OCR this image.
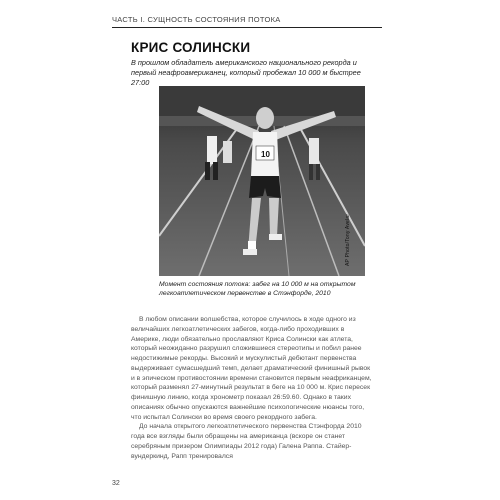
ЧАСТЬ I. СУЩНОСТЬ СОСТОЯНИЯ ПОТОКА
КРИС СОЛИНСКИ
В прошлом обладатель американского национального рекорда и первый неафроамериканец, который пробежал 10 000 м быстрее 27:00
10
AP Photo/Tony Avelar
Момент состояния потока: забег на 10 000 м на открытом легкоатлетическом первенстве в Стэнфорде, 2010

В любом описании волшебства, которое случилось в ходе одного из величайших легкоатлетических забегов, когда-либо проходивших в Америке, люди обязательно прославляют Криса Солински как атлета, который неожиданно разрушил сложившиеся стереотипы и побил ранее недостижимые рекорды. Высокий и мускулистый дебютант первенства выдерживает сумасшедший темп, делает драматический финишный рывок и в эпическом противостоянии времени становится первым неафриканцем, который разменял 27-минутный результат в беге на 10 000 м. Крис пересек финишную линию, когда хронометр показал 26:59.60. Однако в таких описаниях обычно опускаются важнейшие психологические нюансы того, что испытал Солински во время своего рекордного забега.

До начала открытого легкоатлетического первенства Стэнфорда 2010 года все взгляды были обращены на американца (вскоре он станет серебряным призером Олимпиады 2012 года) Галена Раппа. Стайер-вундеркинд, Рапп тренировался

32
